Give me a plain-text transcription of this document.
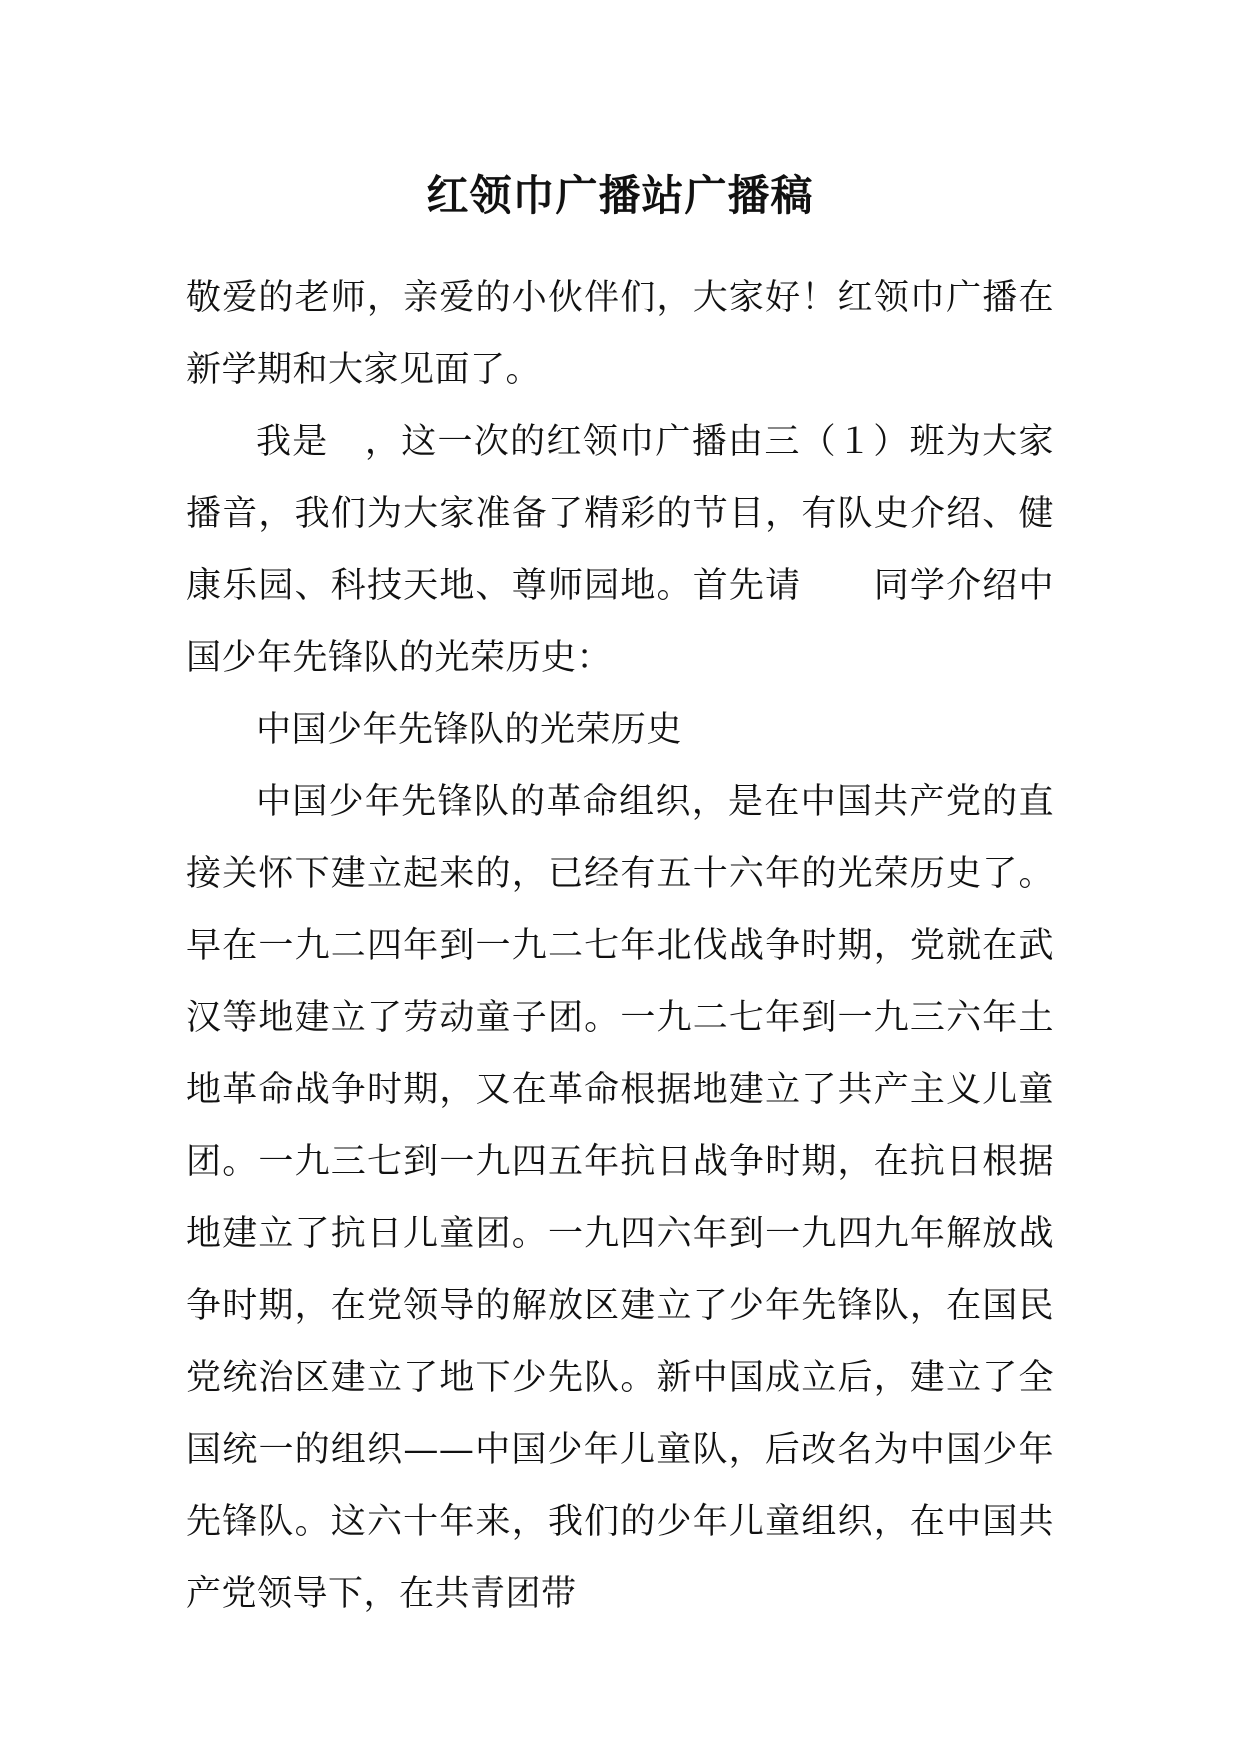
红领巾广播站广播稿

敬爱的老师，亲爱的小伙伴们，大家好！红领巾广播在新学期和大家见面了。

我是　，这一次的红领巾广播由三（１）班为大家播音，我们为大家准备了精彩的节目，有队史介绍、健康乐园、科技天地、尊师园地。首先请　　同学介绍中国少年先锋队的光荣历史：

中国少年先锋队的光荣历史

中国少年先锋队的革命组织，是在中国共产党的直接关怀下建立起来的，已经有五十六年的光荣历史了。早在一九二四年到一九二七年北伐战争时期，党就在武汉等地建立了劳动童子团。一九二七年到一九三六年土地革命战争时期，又在革命根据地建立了共产主义儿童团。一九三七到一九四五年抗日战争时期，在抗日根据地建立了抗日儿童团。一九四六年到一九四九年解放战争时期，在党领导的解放区建立了少年先锋队，在国民党统治区建立了地下少先队。新中国成立后，建立了全国统一的组织——中国少年儿童队，后改名为中国少年先锋队。这六十年来，我们的少年儿童组织，在中国共产党领导下，在共青团带
